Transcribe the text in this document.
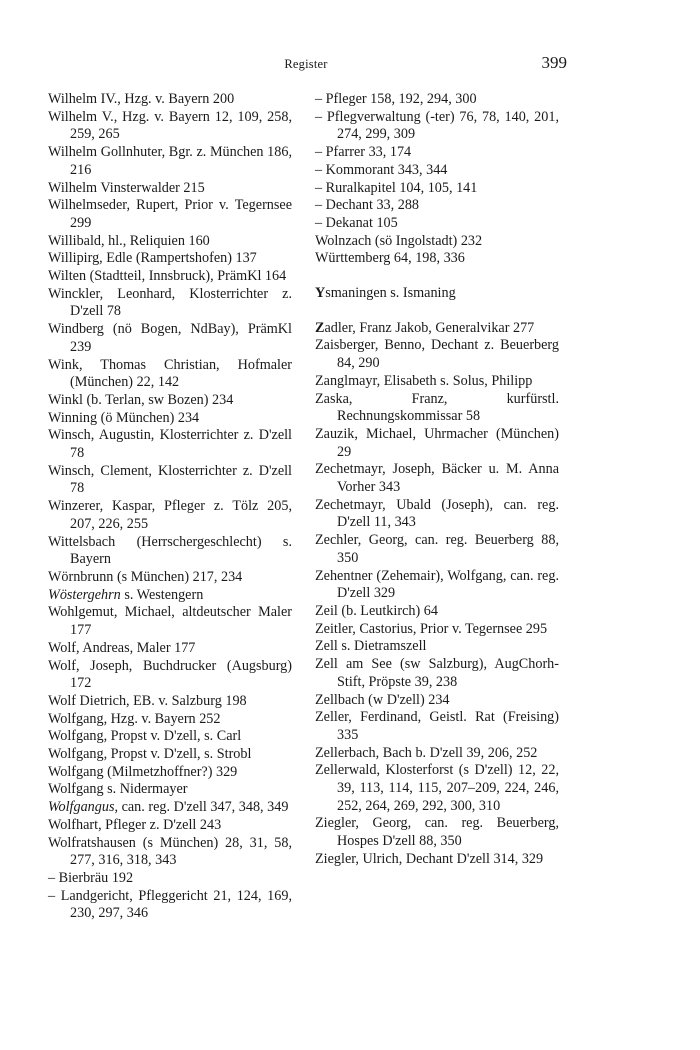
Register	399
Wilhelm IV., Hzg. v. Bayern 200
Wilhelm V., Hzg. v. Bayern 12, 109, 258, 259, 265
Wilhelm Gollnhuter, Bgr. z. München 186, 216
Wilhelm Vinsterwalder 215
Wilhelmseder, Rupert, Prior v. Tegernsee 299
Willibald, hl., Reliquien 160
Willipirg, Edle (Rampertshofen) 137
Wilten (Stadtteil, Innsbruck), PrämKl 164
Winckler, Leonhard, Klosterrichter z. D'zell 78
Windberg (nö Bogen, NdBay), PrämKl 239
Wink, Thomas Christian, Hofmaler (München) 22, 142
Winkl (b. Terlan, sw Bozen) 234
Winning (ö München) 234
Winsch, Augustin, Klosterrichter z. D'zell 78
Winsch, Clement, Klosterrichter z. D'zell 78
Winzerer, Kaspar, Pfleger z. Tölz 205, 207, 226, 255
Wittelsbach (Herrschergeschlecht) s. Bayern
Wörnbrunn (s München) 217, 234
Wöstergehrn s. Westengern
Wohlgemut, Michael, altdeutscher Maler 177
Wolf, Andreas, Maler 177
Wolf, Joseph, Buchdrucker (Augsburg) 172
Wolf Dietrich, EB. v. Salzburg 198
Wolfgang, Hzg. v. Bayern 252
Wolfgang, Propst v. D'zell, s. Carl
Wolfgang, Propst v. D'zell, s. Strobl
Wolfgang (Milmetzhoffner?) 329
Wolfgang s. Nidermayer
Wolfgangus, can. reg. D'zell 347, 348, 349
Wolfhart, Pfleger z. D'zell 243
Wolfratshausen (s München) 28, 31, 58, 277, 316, 318, 343
– Bierbräu 192
– Landgericht, Pfleggericht 21, 124, 169, 230, 297, 346
– Pfleger 158, 192, 294, 300
– Pflegverwaltung (-ter) 76, 78, 140, 201, 274, 299, 309
– Pfarrer 33, 174
– Kommorant 343, 344
– Ruralkapitel 104, 105, 141
– Dechant 33, 288
– Dekanat 105
Wolnzach (sö Ingolstadt) 232
Württemberg 64, 198, 336
Ysmaningen s. Ismaning
Zadler, Franz Jakob, Generalvikar 277
Zaisberger, Benno, Dechant z. Beuerberg 84, 290
Zanglmayr, Elisabeth s. Solus, Philipp
Zaska, Franz, kurfürstl. Rechnungskommissar 58
Zauzik, Michael, Uhrmacher (München) 29
Zechetmayr, Joseph, Bäcker u. M. Anna Vorher 343
Zechetmayr, Ubald (Joseph), can. reg. D'zell 11, 343
Zechler, Georg, can. reg. Beuerberg 88, 350
Zehentner (Zehemair), Wolfgang, can. reg. D'zell 329
Zeil (b. Leutkirch) 64
Zeitler, Castorius, Prior v. Tegernsee 295
Zell s. Dietramszell
Zell am See (sw Salzburg), AugChorh-Stift, Pröpste 39, 238
Zellbach (w D'zell) 234
Zeller, Ferdinand, Geistl. Rat (Freising) 335
Zellerbach, Bach b. D'zell 39, 206, 252
Zellerwald, Klosterforst (s D'zell) 12, 22, 39, 113, 114, 115, 207–209, 224, 246, 252, 264, 269, 292, 300, 310
Ziegler, Georg, can. reg. Beuerberg, Hospes D'zell 88, 350
Ziegler, Ulrich, Dechant D'zell 314, 329
